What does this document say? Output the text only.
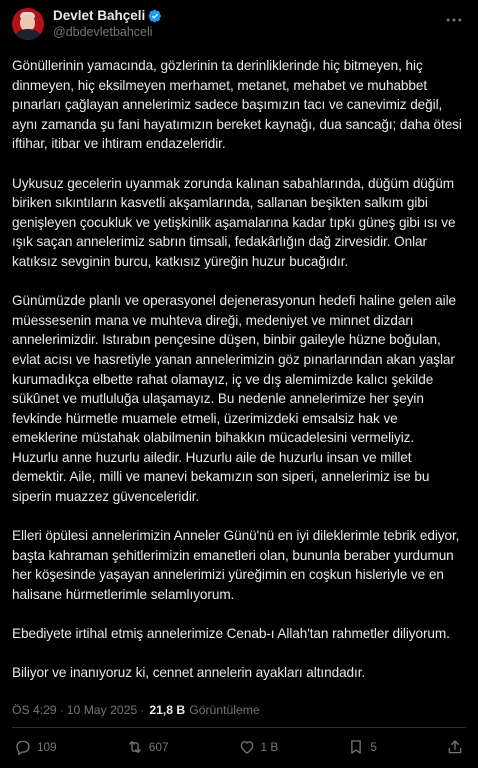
Devlet Bahçeli
@dbdevletbahceli

Gönüllerinin yamacında, gözlerinin ta derinliklerinde hiç bitmeyen, hiç dinmeyen, hiç eksilmeyen merhamet, metanet, mehabet ve muhabbet pınarları çağlayan annelerimiz sadece başımızın tacı ve canevimiz değil, aynı zamanda şu fani hayatımızın bereket kaynağı, dua sancağı; daha ötesi iftihar, itibar ve ihtiram endazeleridir.

Uykusuz gecelerin uyanmak zorunda kalınan sabahlarında, düğüm düğüm biriken sıkıntıların kasvetli akşamlarında, sallanan beşikten salkım gibi genişleyen çocukluk ve yetişkinlik aşamalarına kadar tıpkı güneş gibi ısı ve ışık saçan annelerimiz sabrın timsali, fedakârlığın dağ zirvesidir. Onlar katıksız sevginin burcu, katkısız yüreğin huzur bucağıdır.

Günümüzde planlı ve operasyonel dejenerasyonun hedefi haline gelen aile müessesenin mana ve muhteva direği, medeniyet ve minnet dizdarı annelerimizdir. Istırabın pençesine düşen, binbir gaileyle hüzne boğulan, evlat acısı ve hasretiyle yanan annelerimizin göz pınarlarından akan yaşlar kurumadıkça elbette rahat olamayız, iç ve dış alemimizde kalıcı şekilde sükûnet ve mutluluğa ulaşamayız. Bu nedenle annelerimize her şeyin fevkinde hürmetle muamele etmeli, üzerimizdeki emsalsiz hak ve emeklerine müstahak olabilmenin bihakkın mücadelesini vermeliyiz. Huzurlu anne huzurlu ailedir. Huzurlu aile de huzurlu insan ve millet demektir. Aile, milli ve manevi bekamızın son siperi, annelerimiz ise bu siperin muazzez güvenceleridir.

Elleri öpülesi annelerimizin Anneler Günü'nü en iyi dileklerimle tebrik ediyor, başta kahraman şehitlerimizin emanetleri olan, bununla beraber yurdumun her köşesinde yaşayan annelerimizi yüreğimin en coşkun hisleriyle ve en halisane hürmetlerimle selamlıyorum.

Ebediyete irtihal etmiş annelerimize Cenab-ı Allah'tan rahmetler diliyorum.

Biliyor ve inanıyoruz ki, cennet annelerin ayakları altındadır.

ÖS 4:29 · 10 May 2025 · 21,8 B Görüntüleme
109	607	1 B	5
